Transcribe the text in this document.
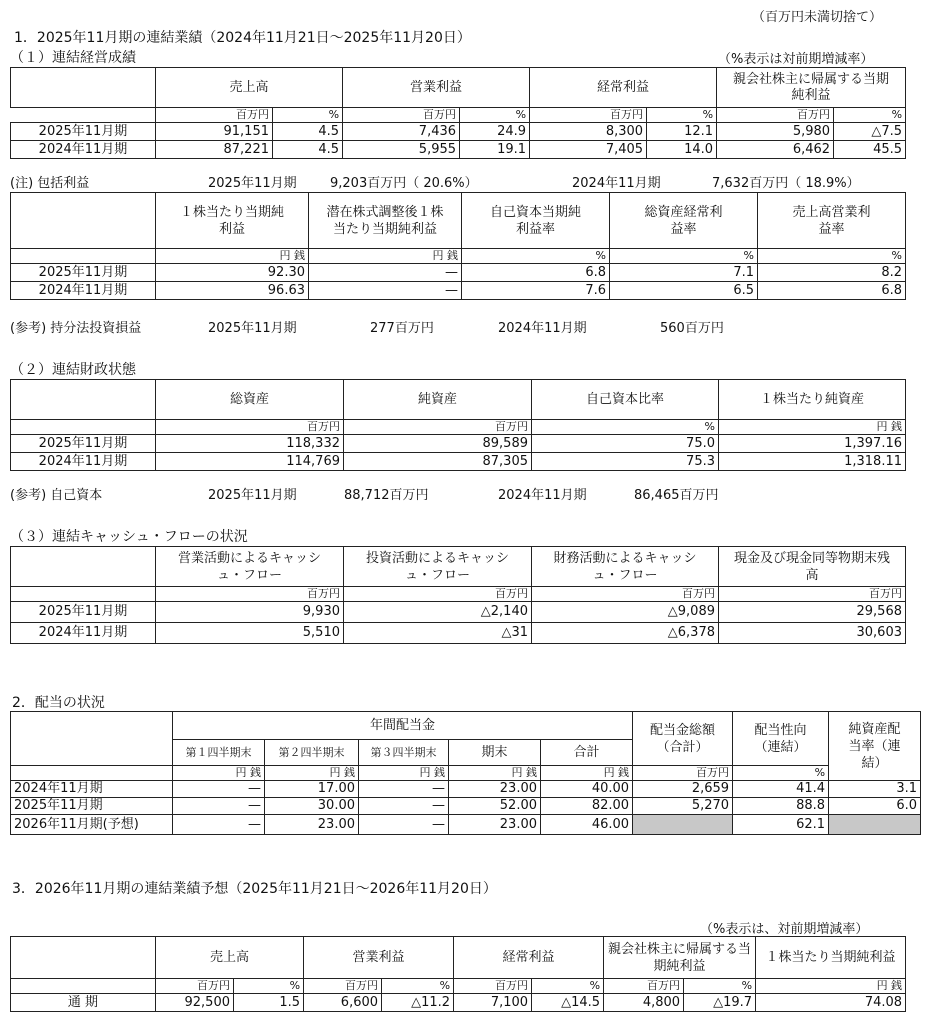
（百万円未満切捨て）
1．2025年11月期の連結業績（2024年11月21日～2025年11月20日）
（１）連結経営成績	（%表示は対前期増減率）
	売上高		営業利益		経常利益		親会社株主に帰属する当期純利益	
	百万円	%	百万円	%	百万円	%	百万円	%
2025年11月期	91,151	4.5	7,436	24.9	8,300	12.1	5,980	△7.5
2024年11月期	87,221	4.5	5,955	19.1	7,405	14.0	6,462	45.5
(注) 包括利益	2025年11月期	9,203百万円（ 20.6%）	2024年11月期	7,632百万円（ 18.9%）
	１株当たり当期純利益	潜在株式調整後１株当たり当期純利益	自己資本当期純利益率	総資産経常利益率	売上高営業利益率
	円 銭	円 銭	%	%	%
2025年11月期	92.30	—	6.8	7.1	8.2
2024年11月期	96.63	—	7.6	6.5	6.8
(参考) 持分法投資損益	2025年11月期	277百万円	2024年11月期	560百万円
（２）連結財政状態
	総資産	純資産	自己資本比率	１株当たり純資産
	百万円	百万円	%	円 銭
2025年11月期	118,332	89,589	75.0	1,397.16
2024年11月期	114,769	87,305	75.3	1,318.11
(参考) 自己資本	2025年11月期	88,712百万円	2024年11月期	86,465百万円
（３）連結キャッシュ・フローの状況
	営業活動によるキャッシュ・フロー	投資活動によるキャッシュ・フロー	財務活動によるキャッシュ・フロー	現金及び現金同等物期末残高
	百万円	百万円	百万円	百万円
2025年11月期	9,930	△2,140	△9,089	29,568
2024年11月期	5,510	△31	△6,378	30,603
2．配当の状況
	年間配当金					配当金総額（合計）	配当性向（連結）	純資産配当率（連結）
	第１四半期末	第２四半期末	第３四半期末	期末	合計			
	円 銭	円 銭	円 銭	円 銭	円 銭	百万円	%	
2024年11月期	—	17.00	—	23.00	40.00	2,659	41.4	3.1
2025年11月期	—	30.00	—	52.00	82.00	5,270	88.8	6.0
2026年11月期(予想)	—	23.00	—	23.00	46.00		62.1	
3．2026年11月期の連結業績予想（2025年11月21日～2026年11月20日）
（%表示は、対前期増減率）
	売上高		営業利益		経常利益		親会社株主に帰属する当期純利益		１株当たり当期純利益
	百万円	%	百万円	%	百万円	%	百万円	%	円 銭
通 期	92,500	1.5	6,600	△11.2	7,100	△14.5	4,800	△19.7	74.08
